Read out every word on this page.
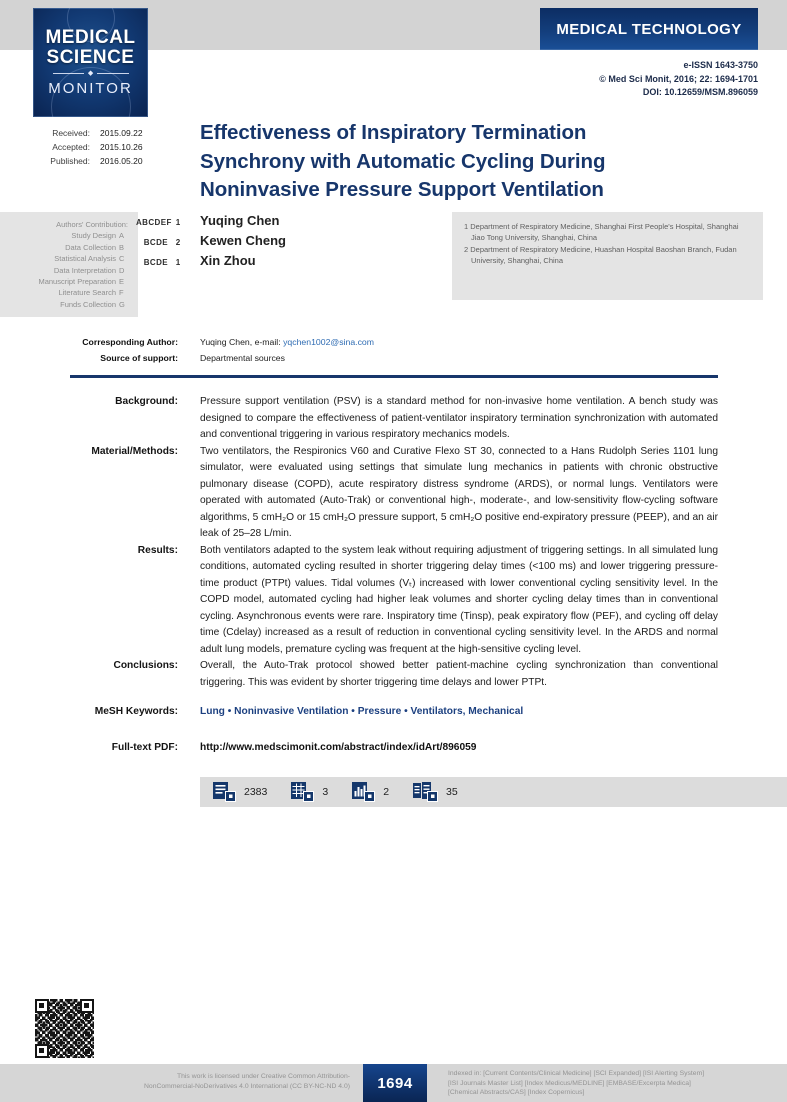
MEDICAL
SCIENCE
◆
MONITOR
MEDICAL TECHNOLOGY
e-ISSN 1643-3750
© Med Sci Monit, 2016; 22: 1694-1701
DOI: 10.12659/MSM.896059
Received: 2015.09.22
Accepted: 2015.10.26
Published: 2016.05.20
Effectiveness of Inspiratory Termination
Synchrony with Automatic Cycling During
Noninvasive Pressure Support Ventilation
Authors' Contribution:
Study Design A
Data Collection B
Statistical Analysis C
Data Interpretation D
Manuscript Preparation E
Literature Search F
Funds Collection G
ABCDEF 1 Yuqing Chen
BCDE 2 Kewen Cheng
BCDE 1 Xin Zhou
1 Department of Respiratory Medicine, Shanghai First People's Hospital, Shanghai Jiao Tong University, Shanghai, China
2 Department of Respiratory Medicine, Huashan Hospital Baoshan Branch, Fudan University, Shanghai, China
Corresponding Author:	Yuqing Chen, e-mail: yqchen1002@sina.com
Source of support:	Departmental sources
Background: Pressure support ventilation (PSV) is a standard method for non-invasive home ventilation. A bench study was designed to compare the effectiveness of patient-ventilator inspiratory termination synchronization with automated and conventional triggering in various respiratory mechanics models.
Material/Methods: Two ventilators, the Respironics V60 and Curative Flexo ST 30, connected to a Hans Rudolph Series 1101 lung simulator, were evaluated using settings that simulate lung mechanics in patients with chronic obstructive pulmonary disease (COPD), acute respiratory distress syndrome (ARDS), or normal lungs. Ventilators were operated with automated (Auto-Trak) or conventional high-, moderate-, and low-sensitivity flow-cycling software algorithms, 5 cmH₂O or 15 cmH₂O pressure support, 5 cmH₂O positive end-expiratory pressure (PEEP), and an air leak of 25–28 L/min.
Results: Both ventilators adapted to the system leak without requiring adjustment of triggering settings. In all simulated lung conditions, automated cycling resulted in shorter triggering delay times (<100 ms) and lower triggering pressure-time product (PTPt) values. Tidal volumes (Vₜ) increased with lower conventional cycling sensitivity level. In the COPD model, automated cycling had higher leak volumes and shorter cycling delay times than in conventional cycling. Asynchronous events were rare. Inspiratory time (Tinsp), peak expiratory flow (PEF), and cycling off delay time (Cdelay) increased as a result of reduction in conventional cycling sensitivity level. In the ARDS and normal adult lung models, premature cycling was frequent at the high-sensitive cycling level.
Conclusions: Overall, the Auto-Trak protocol showed better patient-machine cycling synchronization than conventional triggering. This was evident by shorter triggering time delays and lower PTPt.
MeSH Keywords: Lung • Noninvasive Ventilation • Pressure • Ventilators, Mechanical
Full-text PDF: http://www.medscimonit.com/abstract/index/idArt/896059
2383	3	2	35
This work is licensed under Creative Common Attribution-
NonCommercial-NoDerivatives 4.0 International (CC BY-NC-ND 4.0)	1694
Indexed in: [Current Contents/Clinical Medicine] [SCI Expanded] [ISI Alerting System]
[ISI Journals Master List] [Index Medicus/MEDLINE] [EMBASE/Excerpta Medica]
[Chemical Abstracts/CAS] [Index Copernicus]
